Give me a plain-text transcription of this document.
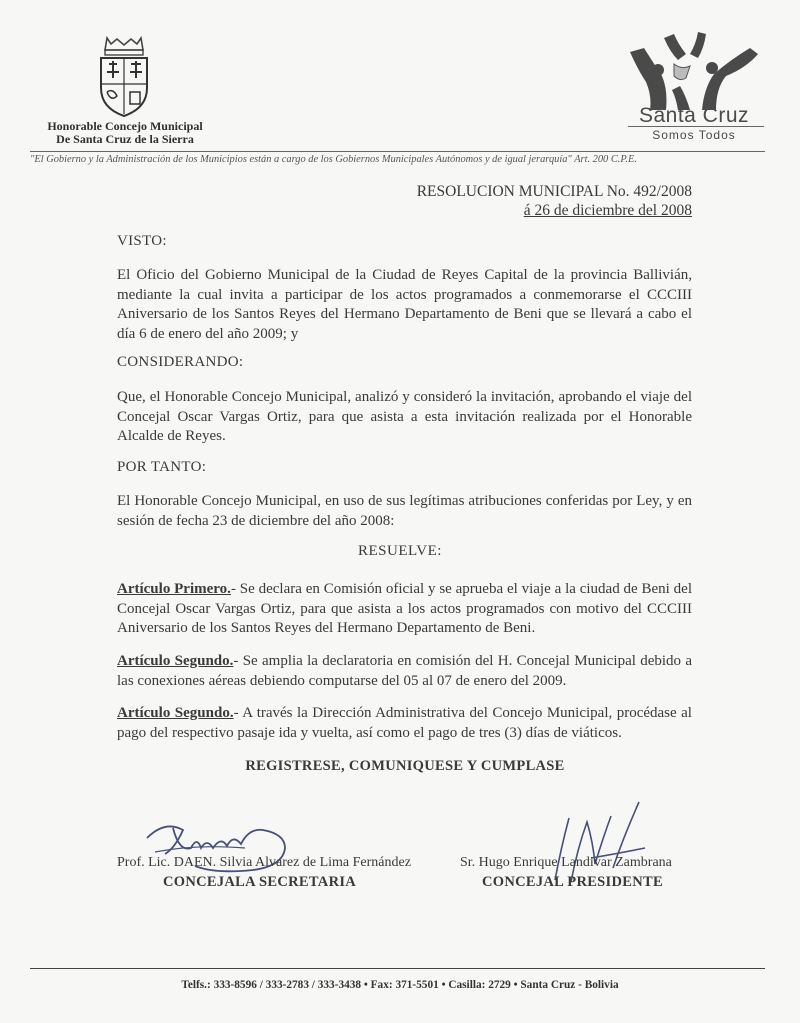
Honorable Concejo Municipal
De Santa Cruz de la Sierra
Santa Cruz
Somos Todos
"El Gobierno y la Administración de los Municipios están a cargo de los Gobiernos Municipales Autónomos y de igual jerarquía" Art. 200 C.P.E.
RESOLUCION MUNICIPAL No. 492/2008
á 26 de diciembre del 2008
VISTO:
El Oficio del Gobierno Municipal de la Ciudad de Reyes Capital de la provincia Ballivián, mediante la cual invita a participar de los actos programados a conmemorarse el CCCIII Aniversario de los Santos Reyes del Hermano Departamento de Beni que se llevará a cabo el día 6 de enero del año 2009; y
CONSIDERANDO:
Que, el Honorable Concejo Municipal, analizó y consideró la invitación, aprobando el viaje del Concejal Oscar Vargas Ortiz, para que asista a esta invitación realizada por el Honorable Alcalde de Reyes.
POR TANTO:
El Honorable Concejo Municipal, en uso de sus legítimas atribuciones conferidas por Ley, y en sesión de fecha 23 de diciembre del año 2008:
RESUELVE:
Artículo Primero.- Se declara en Comisión oficial y se aprueba el viaje a la ciudad de Beni del Concejal Oscar Vargas Ortiz, para que asista a los actos programados con motivo del CCCIII Aniversario de los Santos Reyes del Hermano Departamento de Beni.
Artículo Segundo.- Se amplia la declaratoria en comisión del H. Concejal Municipal debido a las conexiones aéreas debiendo computarse del 05 al 07 de enero del 2009.
Artículo Segundo.- A través la Dirección Administrativa del Concejo Municipal, procédase al pago del respectivo pasaje ida y vuelta, así como el pago de tres (3) días de viáticos.
REGISTRESE, COMUNIQUESE Y CUMPLASE
Prof. Lic. DAEN. Silvia Alvarez de Lima Fernández
CONCEJALA SECRETARIA
Sr. Hugo Enrique Landivar Zambrana
CONCEJAL PRESIDENTE
Telfs.: 333-8596 / 333-2783 / 333-3438 • Fax: 371-5501 • Casilla: 2729 • Santa Cruz - Bolivia
